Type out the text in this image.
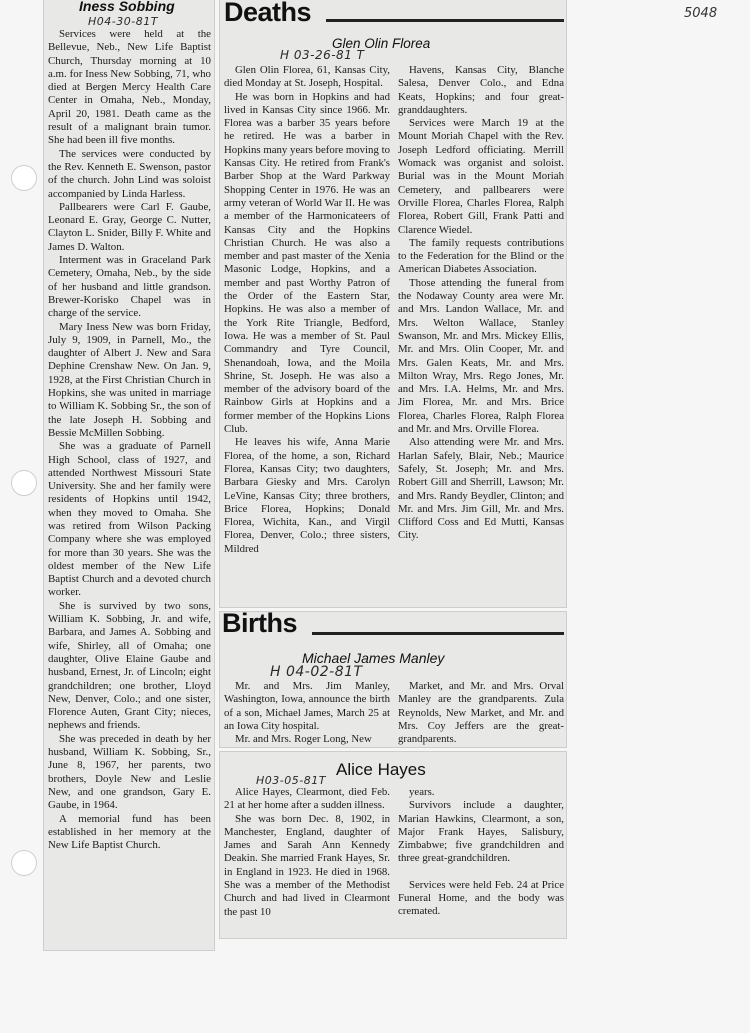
5048
Iness Sobbing
H04-30-81T

Services were held at the Bellevue, Neb., New Life Baptist Church, Thursday morning at 10 a.m. for Iness New Sobbing, 71, who died at Bergen Mercy Health Care Center in Omaha, Neb., Monday, April 20, 1981. Death came as the result of a malignant brain tumor. She had been ill five months.

The services were conducted by the Rev. Kenneth E. Swenson, pastor of the church. John Lind was soloist accompanied by Linda Harless.

Pallbearers were Carl F. Gaube, Leonard E. Gray, George C. Nutter, Clayton L. Snider, Billy F. White and James D. Walton.

Interment was in Graceland Park Cemetery, Omaha, Neb., by the side of her husband and little grandson. Brewer-Korisko Chapel was in charge of the service.

Mary Iness New was born Friday, July 9, 1909, in Parnell, Mo., the daughter of Albert J. New and Sara Dephine Crenshaw New. On Jan. 9, 1928, at the First Christian Church in Hopkins, she was united in marriage to William K. Sobbing Sr., the son of the late Joseph H. Sobbing and Bessie McMillen Sobbing.

She was a graduate of Parnell High School, class of 1927, and attended Northwest Missouri State University. She and her family were residents of Hopkins until 1942, when they moved to Omaha. She was retired from Wilson Packing Company where she was employed for more than 30 years. She was the oldest member of the New Life Baptist Church and a devoted church worker.

She is survived by two sons, William K. Sobbing, Jr. and wife, Barbara, and James A. Sobbing and wife, Shirley, all of Omaha; one daughter, Olive Elaine Gaube and husband, Ernest, Jr. of Lincoln; eight grandchildren; one brother, Lloyd New, Denver, Colo.; and one sister, Florence Auten, Grant City; nieces, nephews and friends.

She was preceded in death by her husband, William K. Sobbing, Sr., June 8, 1967, her parents, two brothers, Doyle New and Leslie New, and one grandson, Gary E. Gaube, in 1964.

A memorial fund has been established in her memory at the New Life Baptist Church.

Deaths
Glen Olin Florea
H 03-26-81 T

Glen Olin Florea, 61, Kansas City, died Monday at St. Joseph, Hospital.

He was born in Hopkins and had lived in Kansas City since 1966. Mr. Florea was a barber 35 years before he retired. He was a barber in Hopkins many years before moving to Kansas City. He retired from Frank's Barber Shop at the Ward Parkway Shopping Center in 1976. He was an army veteran of World War II. He was a member of the Harmonicateers of Kansas City and the Hopkins Christian Church. He was also a member and past master of the Xenia Masonic Lodge, Hopkins, and a member and past Worthy Patron of the Order of the Eastern Star, Hopkins. He was also a member of the York Rite Triangle, Bedford, Iowa. He was a member of St. Paul Commandry and Tyre Council, Shenandoah, Iowa, and the Moila Shrine, St. Joseph. He was also a member of the advisory board of the Rainbow Girls at Hopkins and a former member of the Hopkins Lions Club.

He leaves his wife, Anna Marie Florea, of the home, a son, Richard Florea, Kansas City; two daughters, Barbara Giesky and Mrs. Carolyn LeVine, Kansas City; three brothers, Brice Florea, Hopkins; Donald Florea, Wichita, Kan., and Virgil Florea, Denver, Colo.; three sisters, Mildred

Havens, Kansas City, Blanche Salesa, Denver Colo., and Edna Keats, Hopkins; and four great-granddaughters.

Services were March 19 at the Mount Moriah Chapel with the Rev. Joseph Ledford officiating. Merrill Womack was organist and soloist. Burial was in the Mount Moriah Cemetery, and pallbearers were Orville Florea, Charles Florea, Ralph Florea, Robert Gill, Frank Patti and Clarence Wiedel.

The family requests contributions to the Federation for the Blind or the American Diabetes Association.

Those attending the funeral from the Nodaway County area were Mr. and Mrs. Landon Wallace, Mr. and Mrs. Welton Wallace, Stanley Swanson, Mr. and Mrs. Mickey Ellis, Mr. and Mrs. Olin Cooper, Mr. and Mrs. Galen Keats, Mr. and Mrs. Milton Wray, Mrs. Rego Jones, Mr. and Mrs. I.A. Helms, Mr. and Mrs. Jim Florea, Mr. and Mrs. Brice Florea, Charles Florea, Ralph Florea and Mr. and Mrs. Orville Florea.

Also attending were Mr. and Mrs. Harlan Safely, Blair, Neb.; Maurice Safely, St. Joseph; Mr. and Mrs. Robert Gill and Sherrill, Lawson; Mr. and Mrs. Randy Beydler, Clinton; and Mr. and Mrs. Jim Gill, Mr. and Mrs. Clifford Coss and Ed Mutti, Kansas City.

Births
Michael James Manley
H 04-02-81T

Mr. and Mrs. Jim Manley, Washington, Iowa, announce the birth of a son, Michael James, March 25 at an Iowa City hospital.

Mr. and Mrs. Roger Long, New

Market, and Mr. and Mrs. Orval Manley are the grandparents. Zula Reynolds, New Market, and Mr. and Mrs. Coy Jeffers are the great-grandparents.

Alice Hayes
H03-05-81T

Alice Hayes, Clearmont, died Feb. 21 at her home after a sudden illness.

She was born Dec. 8, 1902, in Manchester, England, daughter of James and Sarah Ann Kennedy Deakin. She married Frank Hayes, Sr. in England in 1923. He died in 1968. She was a member of the Methodist Church and had lived in Clearmont the past 10

years.

Survivors include a daughter, Marian Hawkins, Clearmont, a son, Major Frank Hayes, Salisbury, Zimbabwe; five grandchildren and three great-grandchildren.

Services were held Feb. 24 at Price Funeral Home, and the body was cremated.
